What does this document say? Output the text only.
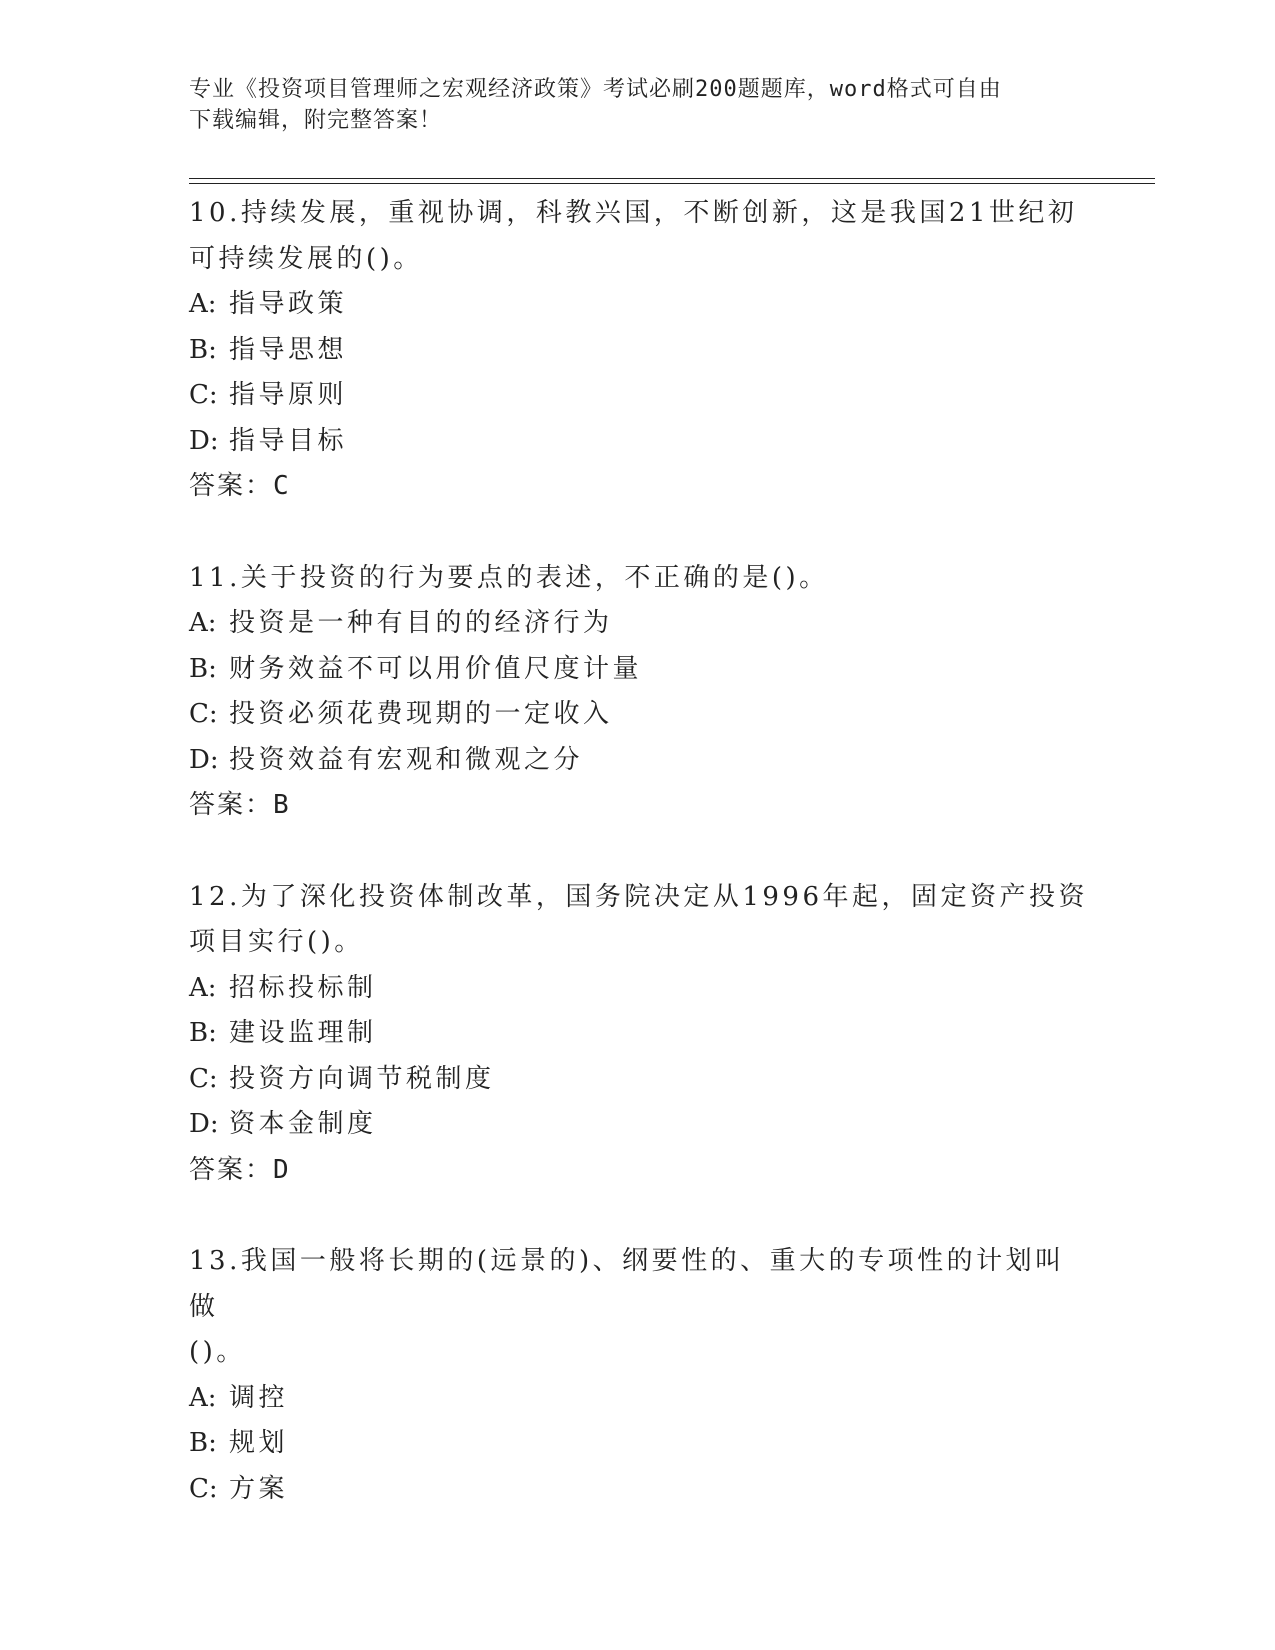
专业《投资项目管理师之宏观经济政策》考试必刷200题题库，word格式可自由
下载编辑，附完整答案！
10.持续发展，重视协调，科教兴国，不断创新，这是我国21世纪初
可持续发展的()。
A: 指导政策
B: 指导思想
C: 指导原则
D: 指导目标
答案：C
11.关于投资的行为要点的表述，不正确的是()。
A: 投资是一种有目的的经济行为
B: 财务效益不可以用价值尺度计量
C: 投资必须花费现期的一定收入
D: 投资效益有宏观和微观之分
答案：B
12.为了深化投资体制改革，国务院决定从1996年起，固定资产投资
项目实行()。
A: 招标投标制
B: 建设监理制
C: 投资方向调节税制度
D: 资本金制度
答案：D
13.我国一般将长期的(远景的)、纲要性的、重大的专项性的计划叫做
()。
A: 调控
B: 规划
C: 方案
